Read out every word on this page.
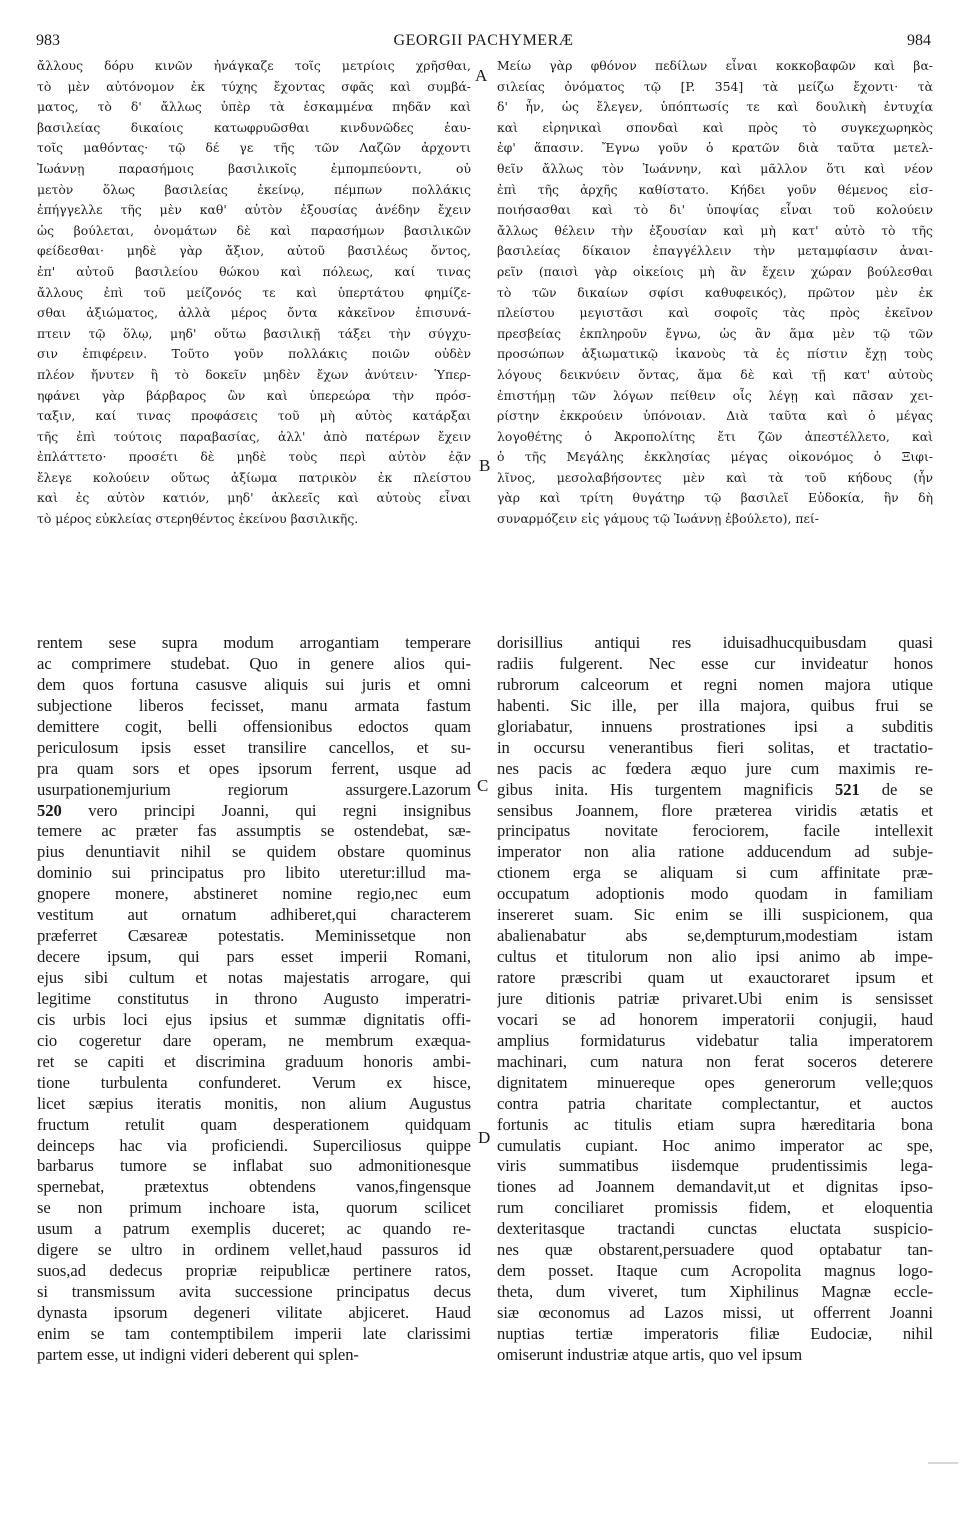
983	GEORGII PACHYMERÆ	984
ἄλλους δόρυ κινῶν ἠνάγκαζε τοῖς μετρίοις χρῆσθαι,
τὸ μὲν αὐτόνομον ἐκ τύχης ἔχοντας σφᾶς καὶ συμβά-
ματος, τὸ δ' ἄλλως ὑπὲρ τὰ ἐσκαμμένα πηδᾶν καὶ
βασιλείας δικαίοις κατωφρυῶσθαι κινδυνῶδες ἑαυ-
τοῖς μαθόντας· τῷ δέ γε τῆς τῶν Λαζῶν ἀρχοντι
Ἰωάννῃ παρασήμοις βασιλικοῖς ἐμπομπεύοντι, οὐ
μετὸν ὅλως βασιλείας ἐκείνῳ, πέμπων πολλάκις
ἐπήγγελλε τῆς μὲν καθ' αὐτὸν ἐξουσίας ἀνέδην ἔχειν
ὡς βούλεται, ὀνομάτων δὲ καὶ παρασήμων βασιλικῶν
φείδεσθαι· μηδὲ γὰρ ἄξιον, αὐτοῦ βασιλέως ὄντος,
ἐπ' αὐτοῦ βασιλείου θώκου καὶ πόλεως, καί τινας
ἄλλους ἐπὶ τοῦ μείζονός τε καὶ ὑπερτάτου φημίζε-
σθαι ἀξιώματος, ἀλλὰ μέρος ὄντα κἀκεῖνον ἐπισυνά-
πτειν τῷ ὅλῳ, μηδ' οὕτω βασιλικῇ τάξει τὴν σύγχυ-
σιν ἐπιφέρειν. Τοῦτο γοῦν πολλάκις ποιῶν οὐδὲν
πλέον ἤνυτεν ἢ τὸ δοκεῖν μηδὲν ἔχων ἀνύτειν· Ὑπερ-
ηφάνει γὰρ βάρβαρος ὢν καὶ ὑπερεώρα τὴν πρόσ-
ταξιν, καί τινας προφάσεις τοῦ μὴ αὐτὸς κατάρξαι
τῆς ἐπὶ τούτοις παραβασίας, ἀλλ' ἀπὸ πατέρων ἔχειν
ἐπλάττετο· προσέτι δὲ μηδὲ τοὺς περὶ αὐτὸν ἐᾷν
ἔλεγε κολούειν οὕτως ἀξίωμα πατρικὸν ἐκ πλείστου
καὶ ἐς αὐτὸν κατιόν, μηδ' ἀκλεεῖς καὶ αὐτοὺς εἶναι
τὸ μέρος εὐκλείας στερηθέντος ἐκείνου βασιλικῆς.
Μείω γὰρ φθόνον πεδίλων εἶναι κοκκοβαφῶν καὶ βα-
σιλείας ὀνόματος τῷ [P. 354] τὰ μείζω ἔχοντι· τὰ
δ' ἦν, ὡς ἔλεγεν, ὑπόπτωσίς τε καὶ δουλικὴ ἐντυχία
καὶ εἰρηνικαὶ σπονδαὶ καὶ πρὸς τὸ συγκεχωρηκὸς
ἐφ' ἅπασιν. Ἔγνω γοῦν ὁ κρατῶν διὰ ταῦτα μετελ-
θεῖν ἄλλως τὸν Ἰωάννην, καὶ μᾶλλον ὅτι καὶ νέον
ἐπὶ τῆς ἀρχῆς καθίστατο. Κήδει γοῦν θέμενος εἰσ-
ποιήσασθαι καὶ τὸ δι' ὑποψίας εἶναι τοῦ κολούειν
ἄλλως θέλειν τὴν ἐξουσίαν καὶ μὴ κατ' αὐτὸ τὸ τῆς
βασιλείας δίκαιον ἐπαγγέλλειν τὴν μεταμφίασιν ἀναι-
ρεῖν (παισὶ γὰρ οἰκείοις μὴ ἂν ἔχειν χώραν βούλεσθαι
τὸ τῶν δικαίων σφίσι καθυφεικός), πρῶτον μὲν ἐκ
πλείστου μεγιστᾶσι καὶ σοφοῖς τὰς πρὸς ἐκεῖνον
πρεσβείας ἐκπληροῦν ἔγνω, ὡς ἂν ἅμα μὲν τῷ τῶν
προσώπων ἀξιωματικῷ ἱκανοὺς τὰ ἐς πίστιν ἔχῃ τοὺς
λόγους δεικνύειν ὄντας, ἅμα δὲ καὶ τῇ κατ' αὐτοὺς
ἐπιστήμῃ τῶν λόγων πείθειν οἷς λέγῃ καὶ πᾶσαν χει-
ρίστην ἐκκρούειν ὑπόνοιαν. Διὰ ταῦτα καὶ ὁ μέγας
λογοθέτης ὁ Ἀκροπολίτης ἔτι ζῶν ἀπεστέλλετο, καὶ
ὁ τῆς Μεγάλης ἐκκλησίας μέγας οἰκονόμος ὁ Ξιφι-
λῖνος, μεσολαβήσοντες μὲν καὶ τὰ τοῦ κήδους (ἦν
γὰρ καὶ τρίτη θυγάτηρ τῷ βασιλεῖ Εὐδοκία, ἣν δὴ
συναρμόζειν εἰς γάμους τῷ Ἰωάννῃ ἐβούλετο), πεί-
rentem sese supra modum arrogantiam temperare
ac comprimere studebat. Quo in genere alios qui-
dem quos fortuna casusve aliquis sui juris et omni
subjectione liberos fecisset, manu armata fastum
demittere cogit, belli offensionibus edoctos quam
periculosum ipsis esset transilire cancellos, et su-
pra quam sors et opes ipsorum ferrent, usque ad
usurpationemjurium regiorum assurgere.Lazorum
520 vero principi Joanni, qui regni insignibus
temere ac præter fas assumptis se ostendebat, sæ-
pius denuntiavit nihil se quidem obstare quominus
dominio sui principatus pro libito uteretur:illud ma-
gnopere monere, abstineret nomine regio,nec eum
vestitum aut ornatum adhiberet,qui characterem
præferret Cæsareæ potestatis. Meminissetque non
decere ipsum, qui pars esset imperii Romani,
ejus sibi cultum et notas majestatis arrogare, qui
legitime constitutus in throno Augusto imperatri-
cis urbis loci ejus ipsius et summæ dignitatis offi-
cio cogeretur dare operam, ne membrum exæqua-
ret se capiti et discrimina graduum honoris ambi-
tione turbulenta confunderet. Verum ex hisce,
licet sæpius iteratis monitis, non alium Augustus
fructum retulit quam desperationem quidquam
deinceps hac via proficiendi. Superciliosus quippe
barbarus tumore se inflabat suo admonitionesque
spernebat, prætextus obtendens vanos,fingensque
se non primum inchoare ista, quorum scilicet
usum a patrum exemplis duceret; ac quando re-
digere se ultro in ordinem vellet,haud passuros id
suos,ad dedecus propriæ reipublicæ pertinere ratos,
si transmissum avita successione principatus decus
dynasta ipsorum degeneri vilitate abjiceret. Haud
enim se tam contemptibilem imperii late clarissimi
partem esse, ut indigni videri deberent qui splen-
dorisillius antiqui res iduisadhucquibusdam quasi
radiis fulgerent. Nec esse cur invideatur honos
rubrorum calceorum et regni nomen majora utique
habenti. Sic ille, per illa majora, quibus frui se
gloriabatur, innuens prostrationes ipsi a subditis
in occursu venerantibus fieri solitas, et tractatio-
nes pacis ac fœdera æquo jure cum maximis re-
gibus inita. His turgentem magnificis 521 de se
sensibus Joannem, flore præterea viridis ætatis et
principatus novitate ferociorem, facile intellexit
imperator non alia ratione adducendum ad subje-
ctionem erga se aliquam si cum affinitate præ-
occupatum adoptionis modo quodam in familiam
insereret suam. Sic enim se illi suspicionem, qua
abalienabatur abs se,dempturum,modestiam istam
cultus et titulorum non alio ipsi animo ab impe-
ratore præscribi quam ut exauctoraret ipsum et
jure ditionis patriæ privaret.Ubi enim is sensisset
vocari se ad honorem imperatorii conjugii, haud
amplius formidaturus videbatur talia imperatorem
machinari, cum natura non ferat soceros deterere
dignitatem minuereque opes generorum velle;quos
contra patria charitate complectantur, et auctos
fortunis ac titulis etiam supra hæreditaria bona
cumulatis cupiant. Hoc animo imperator ac spe,
viris summatibus iisdemque prudentissimis lega-
tiones ad Joannem demandavit,ut et dignitas ipso-
rum conciliaret promissis fidem, et eloquentia
dexteritasque tractandi cunctas eluctata suspicio-
nes quæ obstarent,persuadere quod optabatur tan-
dem posset. Itaque cum Acropolita magnus logo-
theta, dum viveret, tum Xiphilinus Magnæ eccle-
siæ œconomus ad Lazos missi, ut offerrent Joanni
nuptias tertiæ imperatoris filiæ Eudociæ, nihil
omiserunt industriæ atque artis, quo vel ipsum
A
B
C
D
